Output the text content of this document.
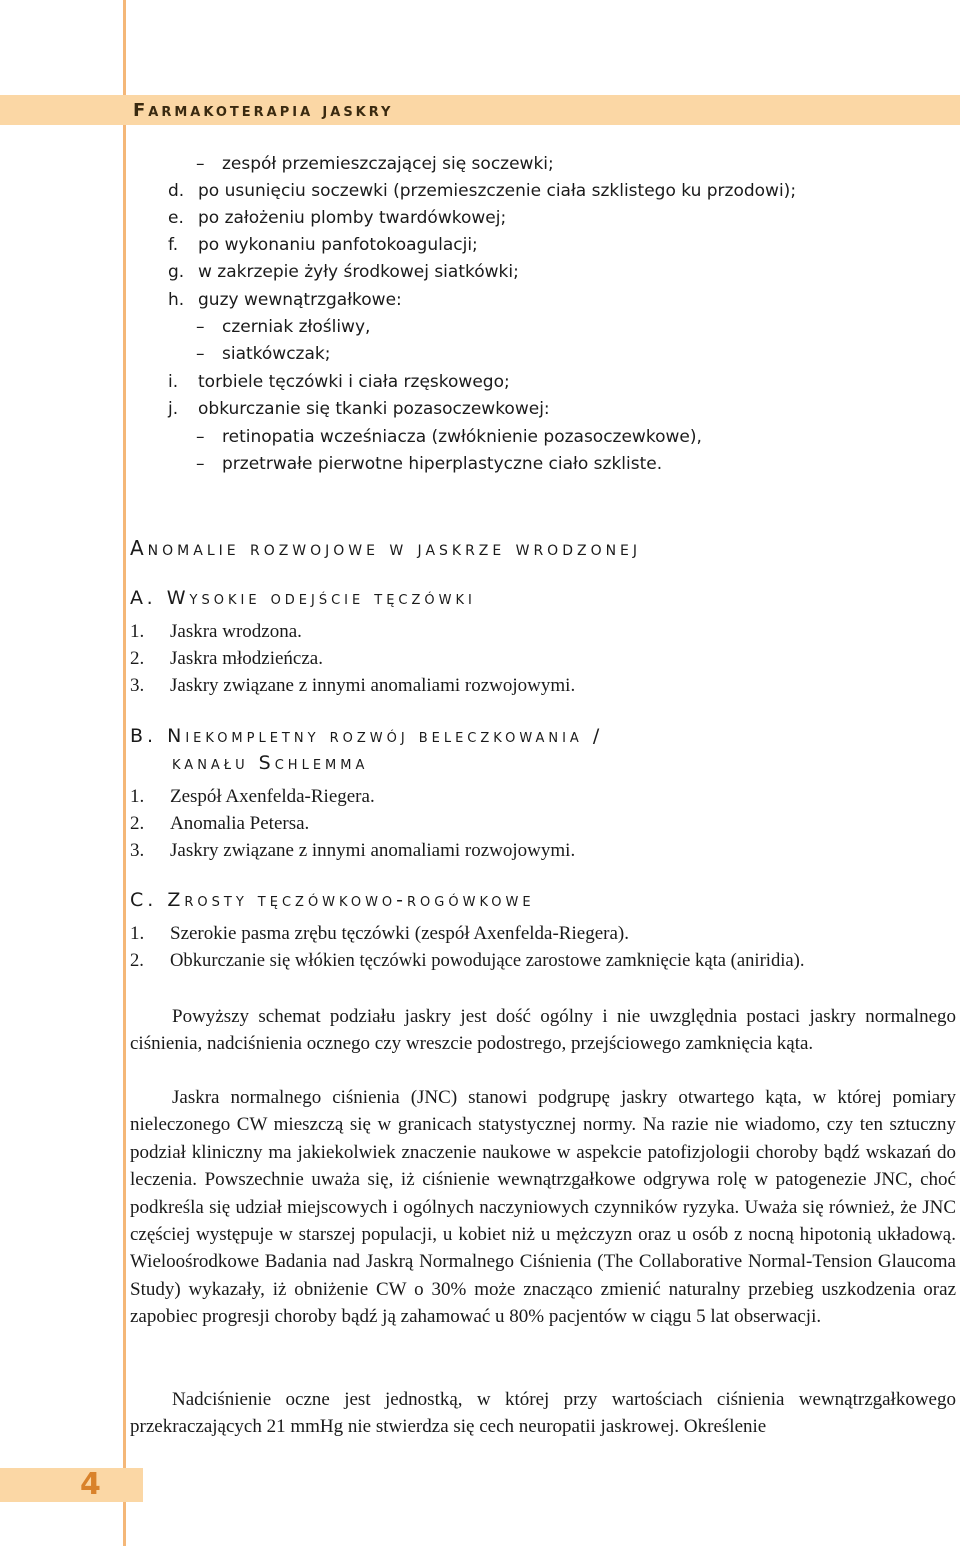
Farmakoterapia jaskry
– zespół przemieszczającej się soczewki;
d. po usunięciu soczewki (przemieszczenie ciała szklistego ku przodowi);
e. po założeniu plomby twardówkowej;
f. po wykonaniu panfotokoagulacji;
g. w zakrzepie żyły środkowej siatkówki;
h. guzy wewnątrzgałkowe:
– czerniak złośliwy,
– siatkówczak;
i. torbiele tęczówki i ciała rzęskowego;
j. obkurczanie się tkanki pozasoczewkowej:
– retinopatia wcześniacza (zwłóknienie pozasoczewkowe),
– przetrwałe pierwotne hiperplastyczne ciało szkliste.
Anomalie rozwojowe w jaskrze wrodzonej
A. Wysokie odejście tęczówki
1. Jaskra wrodzona.
2. Jaskra młodzieńcza.
3. Jaskry związane z innymi anomaliami rozwojowymi.
B. Niekompletny rozwój beleczkowania /
kanału Schlemma
1. Zespół Axenfelda-Riegera.
2. Anomalia Petersa.
3. Jaskry związane z innymi anomaliami rozwojowymi.
C. Zrosty tęczówkowo-rogówkowe
1. Szerokie pasma zrębu tęczówki (zespół Axenfelda-Riegera).
2. Obkurczanie się włókien tęczówki powodujące zarostowe zamknięcie kąta (aniridia).

Powyższy schemat podziału jaskry jest dość ogólny i nie uwzględnia postaci jaskry normalnego ciśnienia, nadciśnienia ocznego czy wreszcie podostrego, przejściowego zamknięcia kąta.

Jaskra normalnego ciśnienia (JNC) stanowi podgrupę jaskry otwartego kąta, w której pomiary nieleczonego CW mieszczą się w granicach statystycznej normy. Na razie nie wiadomo, czy ten sztuczny podział kliniczny ma jakiekolwiek znaczenie naukowe w aspekcie patofizjologii choroby bądź wskazań do leczenia. Powszechnie uważa się, iż ciśnienie wewnątrzgałkowe odgrywa rolę w patogenezie JNC, choć podkreśla się udział miejscowych i ogólnych naczyniowych czynników ryzyka. Uważa się również, że JNC częściej występuje w starszej populacji, u kobiet niż u mężczyzn oraz u osób z nocną hipotonią układową. Wieloośrodkowe Badania nad Jaskrą Normalnego Ciśnienia (The Collaborative Normal-Tension Glaucoma Study) wykazały, iż obniżenie CW o 30% może znacząco zmienić naturalny przebieg uszkodzenia oraz zapobiec progresji choroby bądź ją zahamować u 80% pacjentów w ciągu 5 lat obserwacji.

Nadciśnienie oczne jest jednostką, w której przy wartościach ciśnienia wewnątrzgałkowego przekraczających 21 mmHg nie stwierdza się cech neuropatii jaskrowej. Określenie

4
